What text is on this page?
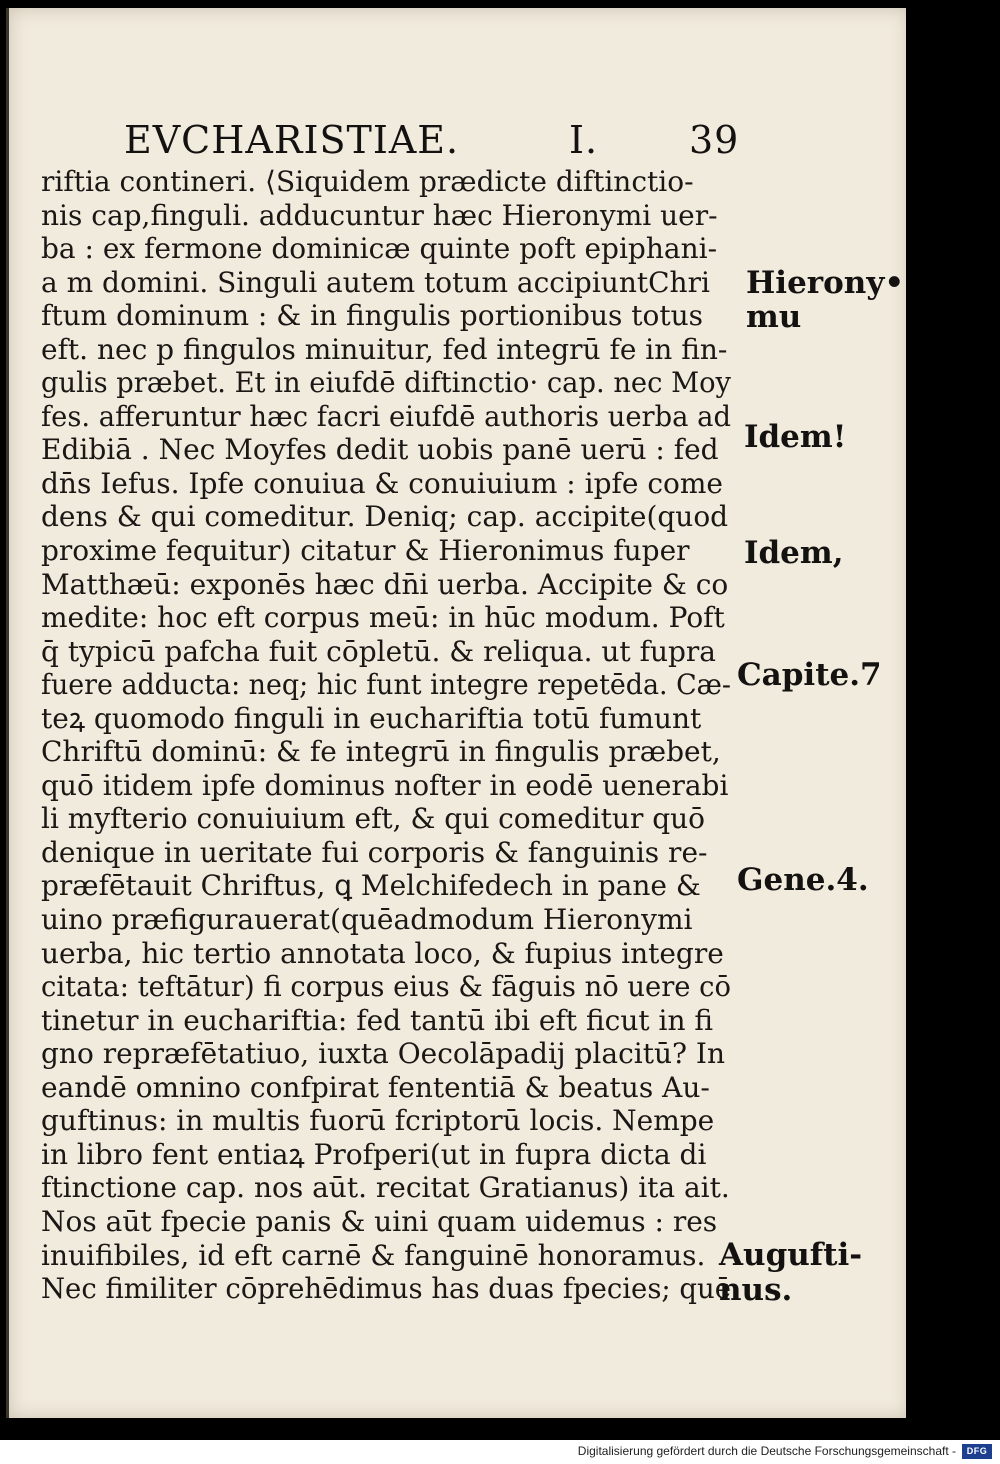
EVCHARISTIAE.	I. 39
riftia contineri. ⟨Siquidem prædicte diftinctio-
nis cap,finguli. adducuntur hæc Hieronymi uer-
ba : ex fermone dominicæ quinte poft epiphani-
a m domini. Singuli autem totum accipiuntChri
ftum dominum : & in fingulis portionibus totus
eft. nec p fingulos minuitur, fed integrū fe in fin-
gulis præbet. Et in eiufdē diftinctio· cap. nec Moy
fes. afferuntur hæc facri eiufdē authoris uerba ad
Edibiā . Nec Moyfes dedit uobis panē uerū : fed
dn̄s Iefus. Ipfe conuiua & conuiuium : ipfe come
dens & qui comeditur. Deniq; cap. accipite(quod
proxime fequitur) citatur & Hieronimus fuper
Matthæū: exponēs hæc dn̄i uerba. Accipite & co
medite: hoc eft corpus meū: in hūc modum. Poft
q̄ typicū pafcha fuit cōpletū. & reliqua. ut fupra
fuere adducta: neq; hic funt integre repetēda. Cæ-
teꝝ quomodo finguli in euchariftia totū fumunt
Chriftū dominū: & fe integrū in fingulis præbet,
quō itidem ipfe dominus nofter in eodē uenerabi
li myfterio conuiuium eft, & qui comeditur quō
denique in ueritate fui corporis & fanguinis re-
præfētauit Chriftus, ꝗ Melchifedech in pane &
uino præfigurauerat(quēadmodum Hieronymi
uerba, hic tertio annotata loco, & fupius integre
citata: teftātur) fi corpus eius & fāguis nō uere cō
tinetur in euchariftia: fed tantū ibi eft ficut in fi
gno repræfētatiuo, iuxta Oecolāpadij placitū? In
eandē omnino confpirat fententiā & beatus Au-
guftinus: in multis fuorū fcriptorū locis. Nempe
in libro fent entiaꝝ Profperi(ut in fupra dicta di
ftinctione cap. nos aūt. recitat Gratianus) ita ait.
Nos aūt fpecie panis & uini quam uidemus : res
inuifibiles, id eft carnē & fanguinē honoramus.
Nec fimiliter cōprehēdimus has duas fpecies; quē
Hierony•
mu
Idem!
Idem,
Capite.7
Gene.4.
Augufti-
nus.
Digitalisierung gefördert durch die Deutsche Forschungsgemeinschaft -	DFG
